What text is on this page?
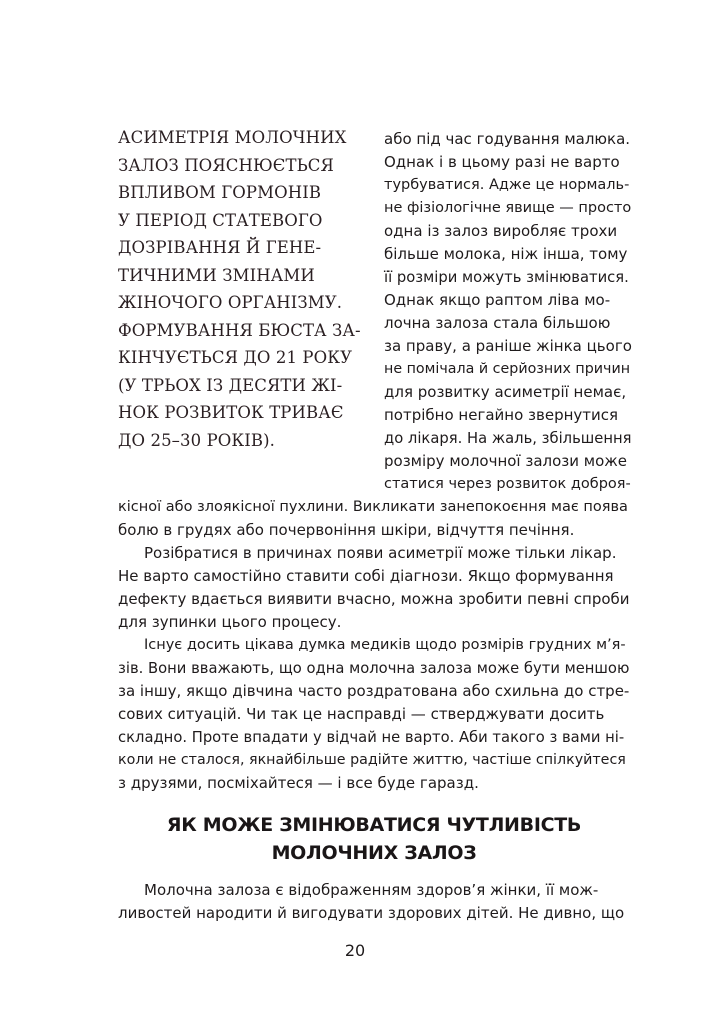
АСИМЕТРІЯ МОЛОЧНИХ
ЗАЛОЗ ПОЯСНЮЄТЬСЯ
ВПЛИВОМ ГОРМОНІВ
У ПЕРІОД СТАТЕВОГО
ДОЗРІВАННЯ Й ГЕНЕ-
ТИЧНИМИ ЗМІНАМИ
ЖІНОЧОГО ОРГАНІЗМУ.
ФОРМУВАННЯ БЮСТА ЗА-
КІНЧУЄТЬСЯ ДО 21 РОКУ
(У ТРЬОХ ІЗ ДЕСЯТИ ЖІ-
НОК РОЗВИТОК ТРИВАЄ
ДО 25–30 РОКІВ).
або під час годування малюка.
Однак і в цьому разі не варто
турбуватися. Адже це нормаль-
не фізіологічне явище — просто
одна із залоз виробляє трохи
більше молока, ніж інша, тому
її розміри можуть змінюватися.
Однак якщо раптом ліва мо-
лочна залоза стала більшою
за праву, а раніше жінка цього
не помічала й серйозних причин
для розвитку асиметрії немає,
потрібно негайно звернутися
до лікаря. На жаль, збільшення
розміру молочної залози може
статися через розвиток доброя-
кісної або злоякісної пухлини. Викликати занепокоєння має поява
болю в грудях або почервоніння шкіри, відчуття печіння.
Розібратися в причинах появи асиметрії може тільки лікар.
Не варто самостійно ставити собі діагнози. Якщо формування
дефекту вдається виявити вчасно, можна зробити певні спроби
для зупинки цього процесу.
Існує досить цікава думка медиків щодо розмірів грудних м’я-
зів. Вони вважають, що одна молочна залоза може бути меншою
за іншу, якщо дівчина часто роздратована або схильна до стре-
сових ситуацій. Чи так це насправді — стверджувати досить
складно. Проте впадати у відчай не варто. Аби такого з вами ні-
коли не сталося, якнайбільше радійте життю, частіше спілкуйтеся
з друзями, посміхайтеся — і все буде гаразд.
ЯК МОЖЕ ЗМІНЮВАТИСЯ ЧУТЛИВІСТЬ
МОЛОЧНИХ ЗАЛОЗ
Молочна залоза є відображенням здоров’я жінки, її мож-
ливостей народити й вигодувати здорових дітей. Не дивно, що
20
